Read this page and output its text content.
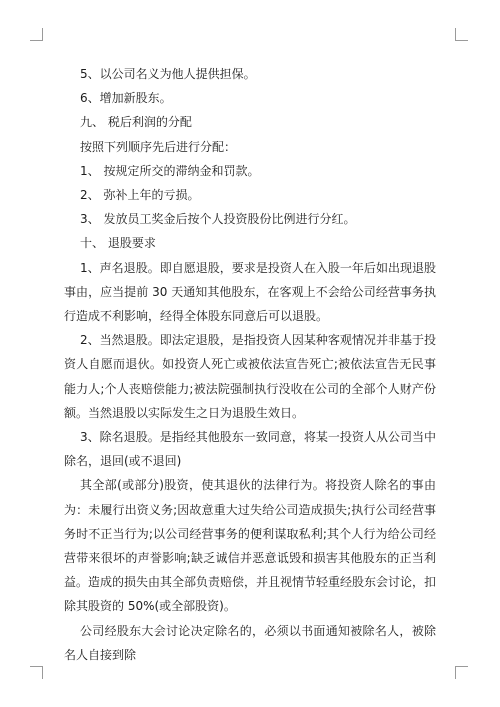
5、以公司名义为他人提供担保。

6、增加新股东。

九、 税后利润的分配

按照下列顺序先后进行分配：

1、 按规定所交的滞纳金和罚款。

2、 弥补上年的亏损。

3、 发放员工奖金后按个人投资股份比例进行分红。

十、 退股要求

1、声名退股。即自愿退股，要求是投资人在入股一年后如出现退股事由，应当提前 30 天通知其他股东，在客观上不会给公司经营事务执行造成不利影响，经得全体股东同意后可以退股。

2、当然退股。即法定退股，是指投资人因某种客观情况并非基于投资人自愿而退伙。如投资人死亡或被依法宣告死亡;被依法宣告无民事能力人;个人丧赔偿能力;被法院强制执行没收在公司的全部个人财产份额。当然退股以实际发生之日为退股生效日。

3、除名退股。是指经其他股东一致同意，将某一投资人从公司当中除名，退回(或不退回)

其全部(或部分)股资，使其退伙的法律行为。将投资人除名的事由为：未履行出资义务;因故意重大过失给公司造成损失;执行公司经营事务时不正当行为;以公司经营事务的便利谋取私利;其个人行为给公司经营带来很坏的声誉影响;缺乏诚信并恶意诋毁和损害其他股东的正当利益。造成的损失由其全部负责赔偿，并且视情节轻重经股东会讨论，扣除其股资的 50%(或全部股资)。

公司经股东大会讨论决定除名的，必须以书面通知被除名人，被除名人自接到除
